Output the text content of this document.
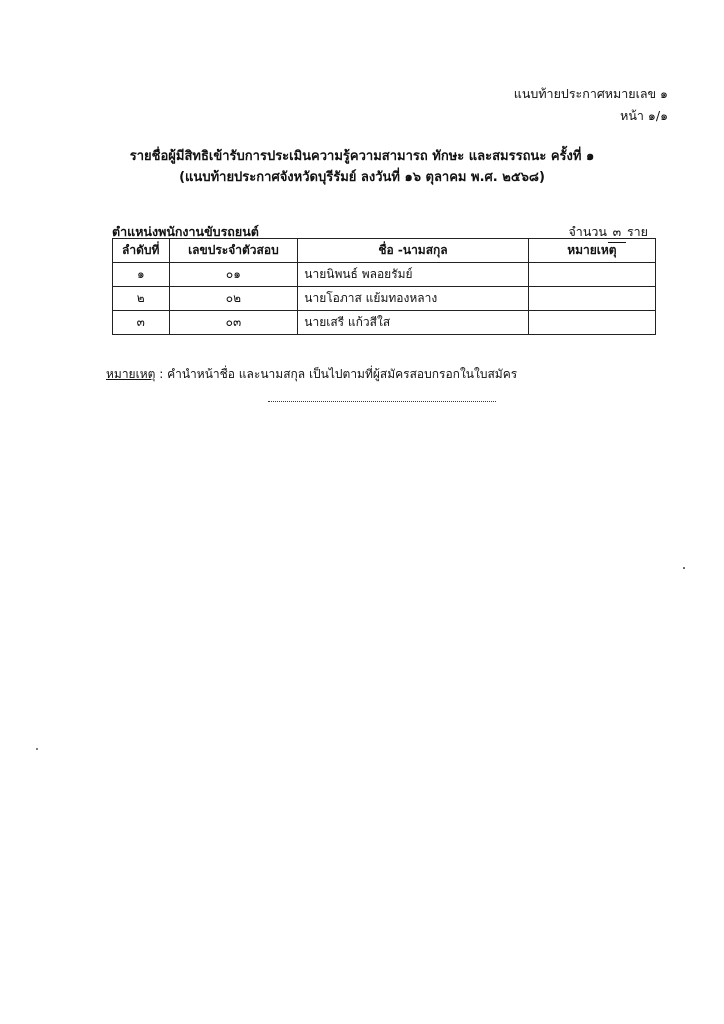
แนบท้ายประกาศหมายเลข ๑
หน้า ๑/๑
รายชื่อผู้มีสิทธิเข้ารับการประเมินความรู้ความสามารถ ทักษะ และสมรรถนะ ครั้งที่ ๑
(แนบท้ายประกาศจังหวัดบุรีรัมย์ ลงวันที่ ๑๖ ตุลาคม พ.ศ. ๒๕๖๘)
ตำแหน่งพนักงานขับรถยนต์	จำนวน ๓ ราย
ลำดับที่	เลขประจำตัวสอบ	ชื่อ -นามสกุล	หมายเหตุ
๑	๐๑	นายนิพนธ์ พลอยรัมย์	
๒	๐๒	นายโอภาส แย้มทองหลาง	
๓	๐๓	นายเสรี แก้วสีใส	
หมายเหตุ : คำนำหน้าชื่อ และนามสกุล เป็นไปตามที่ผู้สมัครสอบกรอกในใบสมัคร
